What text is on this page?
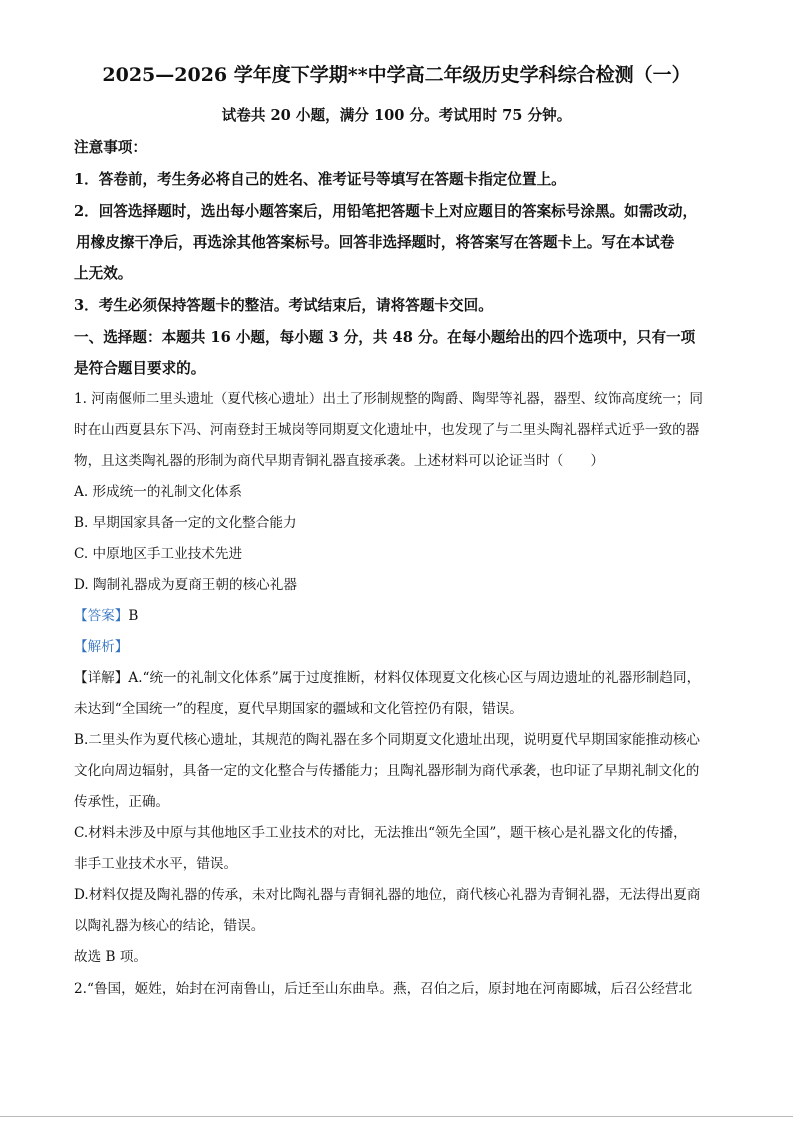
2025—2026 学年度下学期**中学高二年级历史学科综合检测（一）
试卷共 20 小题，满分 100 分。考试用时 75 分钟。
注意事项：
1．答卷前，考生务必将自己的姓名、准考证号等填写在答题卡指定位置上。
2．回答选择题时，选出每小题答案后，用铅笔把答题卡上对应题目的答案标号涂黑。如需改动，
用橡皮擦干净后，再选涂其他答案标号。回答非选择题时，将答案写在答题卡上。写在本试卷
上无效。
3．考生必须保持答题卡的整洁。考试结束后，请将答题卡交回。
一、选择题：本题共 16 小题，每小题 3 分，共 48 分。在每小题给出的四个选项中，只有一项
是符合题目要求的。
1. 河南偃师二里头遗址（夏代核心遗址）出土了形制规整的陶爵、陶斝等礼器，器型、纹饰高度统一；同
时在山西夏县东下冯、河南登封王城岗等同期夏文化遗址中，也发现了与二里头陶礼器样式近乎一致的器
物，且这类陶礼器的形制为商代早期青铜礼器直接承袭。上述材料可以论证当时（　　）
A. 形成统一的礼制文化体系
B. 早期国家具备一定的文化整合能力
C. 中原地区手工业技术先进
D. 陶制礼器成为夏商王朝的核心礼器
【答案】B
【解析】
【详解】A.“统一的礼制文化体系”属于过度推断，材料仅体现夏文化核心区与周边遗址的礼器形制趋同，
未达到“全国统一”的程度，夏代早期国家的疆域和文化管控仍有限，错误。
B.二里头作为夏代核心遗址，其规范的陶礼器在多个同期夏文化遗址出现，说明夏代早期国家能推动核心
文化向周边辐射，具备一定的文化整合与传播能力；且陶礼器形制为商代承袭，也印证了早期礼制文化的
传承性，正确。
C.材料未涉及中原与其他地区手工业技术的对比，无法推出“领先全国”，题干核心是礼器文化的传播，
非手工业技术水平，错误。
D.材料仅提及陶礼器的传承，未对比陶礼器与青铜礼器的地位，商代核心礼器为青铜礼器，无法得出夏商
以陶礼器为核心的结论，错误。
故选 B 项。
2.“鲁国，姬姓，始封在河南鲁山，后迁至山东曲阜。燕，召伯之后，原封地在河南郾城，后召公经营北
